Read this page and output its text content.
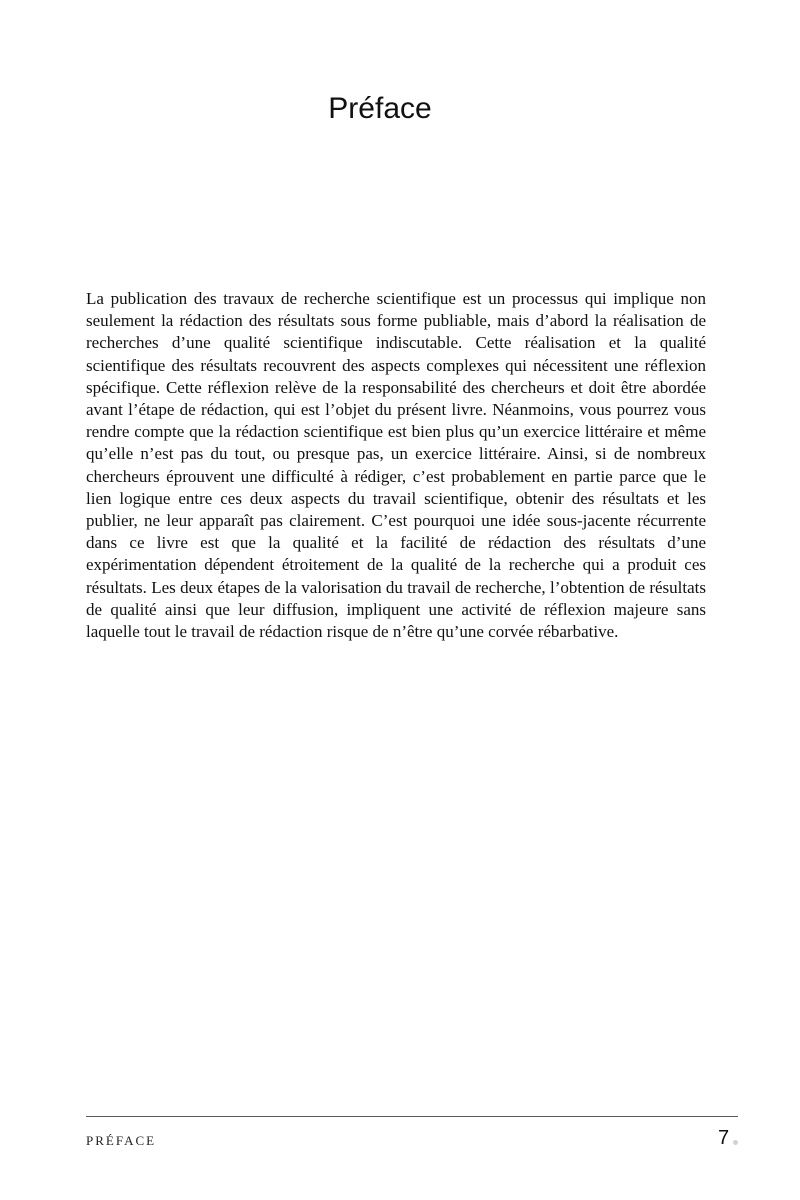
Préface

La publication des travaux de recherche scientifique est un processus qui implique non seulement la rédaction des résultats sous forme publiable, mais d’abord la réalisation de recherches d’une qualité scientifique indiscutable. Cette réalisation et la qualité scientifique des résultats recouvrent des aspects complexes qui nécessitent une réflexion spécifique. Cette réflexion relève de la responsabilité des chercheurs et doit être abordée avant l’étape de rédaction, qui est l’objet du présent livre. Néanmoins, vous pourrez vous rendre compte que la rédaction scientifique est bien plus qu’un exercice littéraire et même qu’elle n’est pas du tout, ou presque pas, un exercice littéraire. Ainsi, si de nombreux chercheurs éprouvent une difficulté à rédiger, c’est probablement en partie parce que le lien logique entre ces deux aspects du travail scientifique, obtenir des résultats et les publier, ne leur apparaît pas clairement. C’est pourquoi une idée sous-jacente récurrente dans ce livre est que la qualité et la facilité de rédaction des résultats d’une expérimentation dépendent étroitement de la qualité de la recherche qui a produit ces résultats. Les deux étapes de la valorisation du travail de recherche, l’obtention de résultats de qualité ainsi que leur diffusion, impliquent une activité de réflexion majeure sans laquelle tout le travail de rédaction risque de n’être qu’une corvée rébarbative.

PRÉFACE	7
